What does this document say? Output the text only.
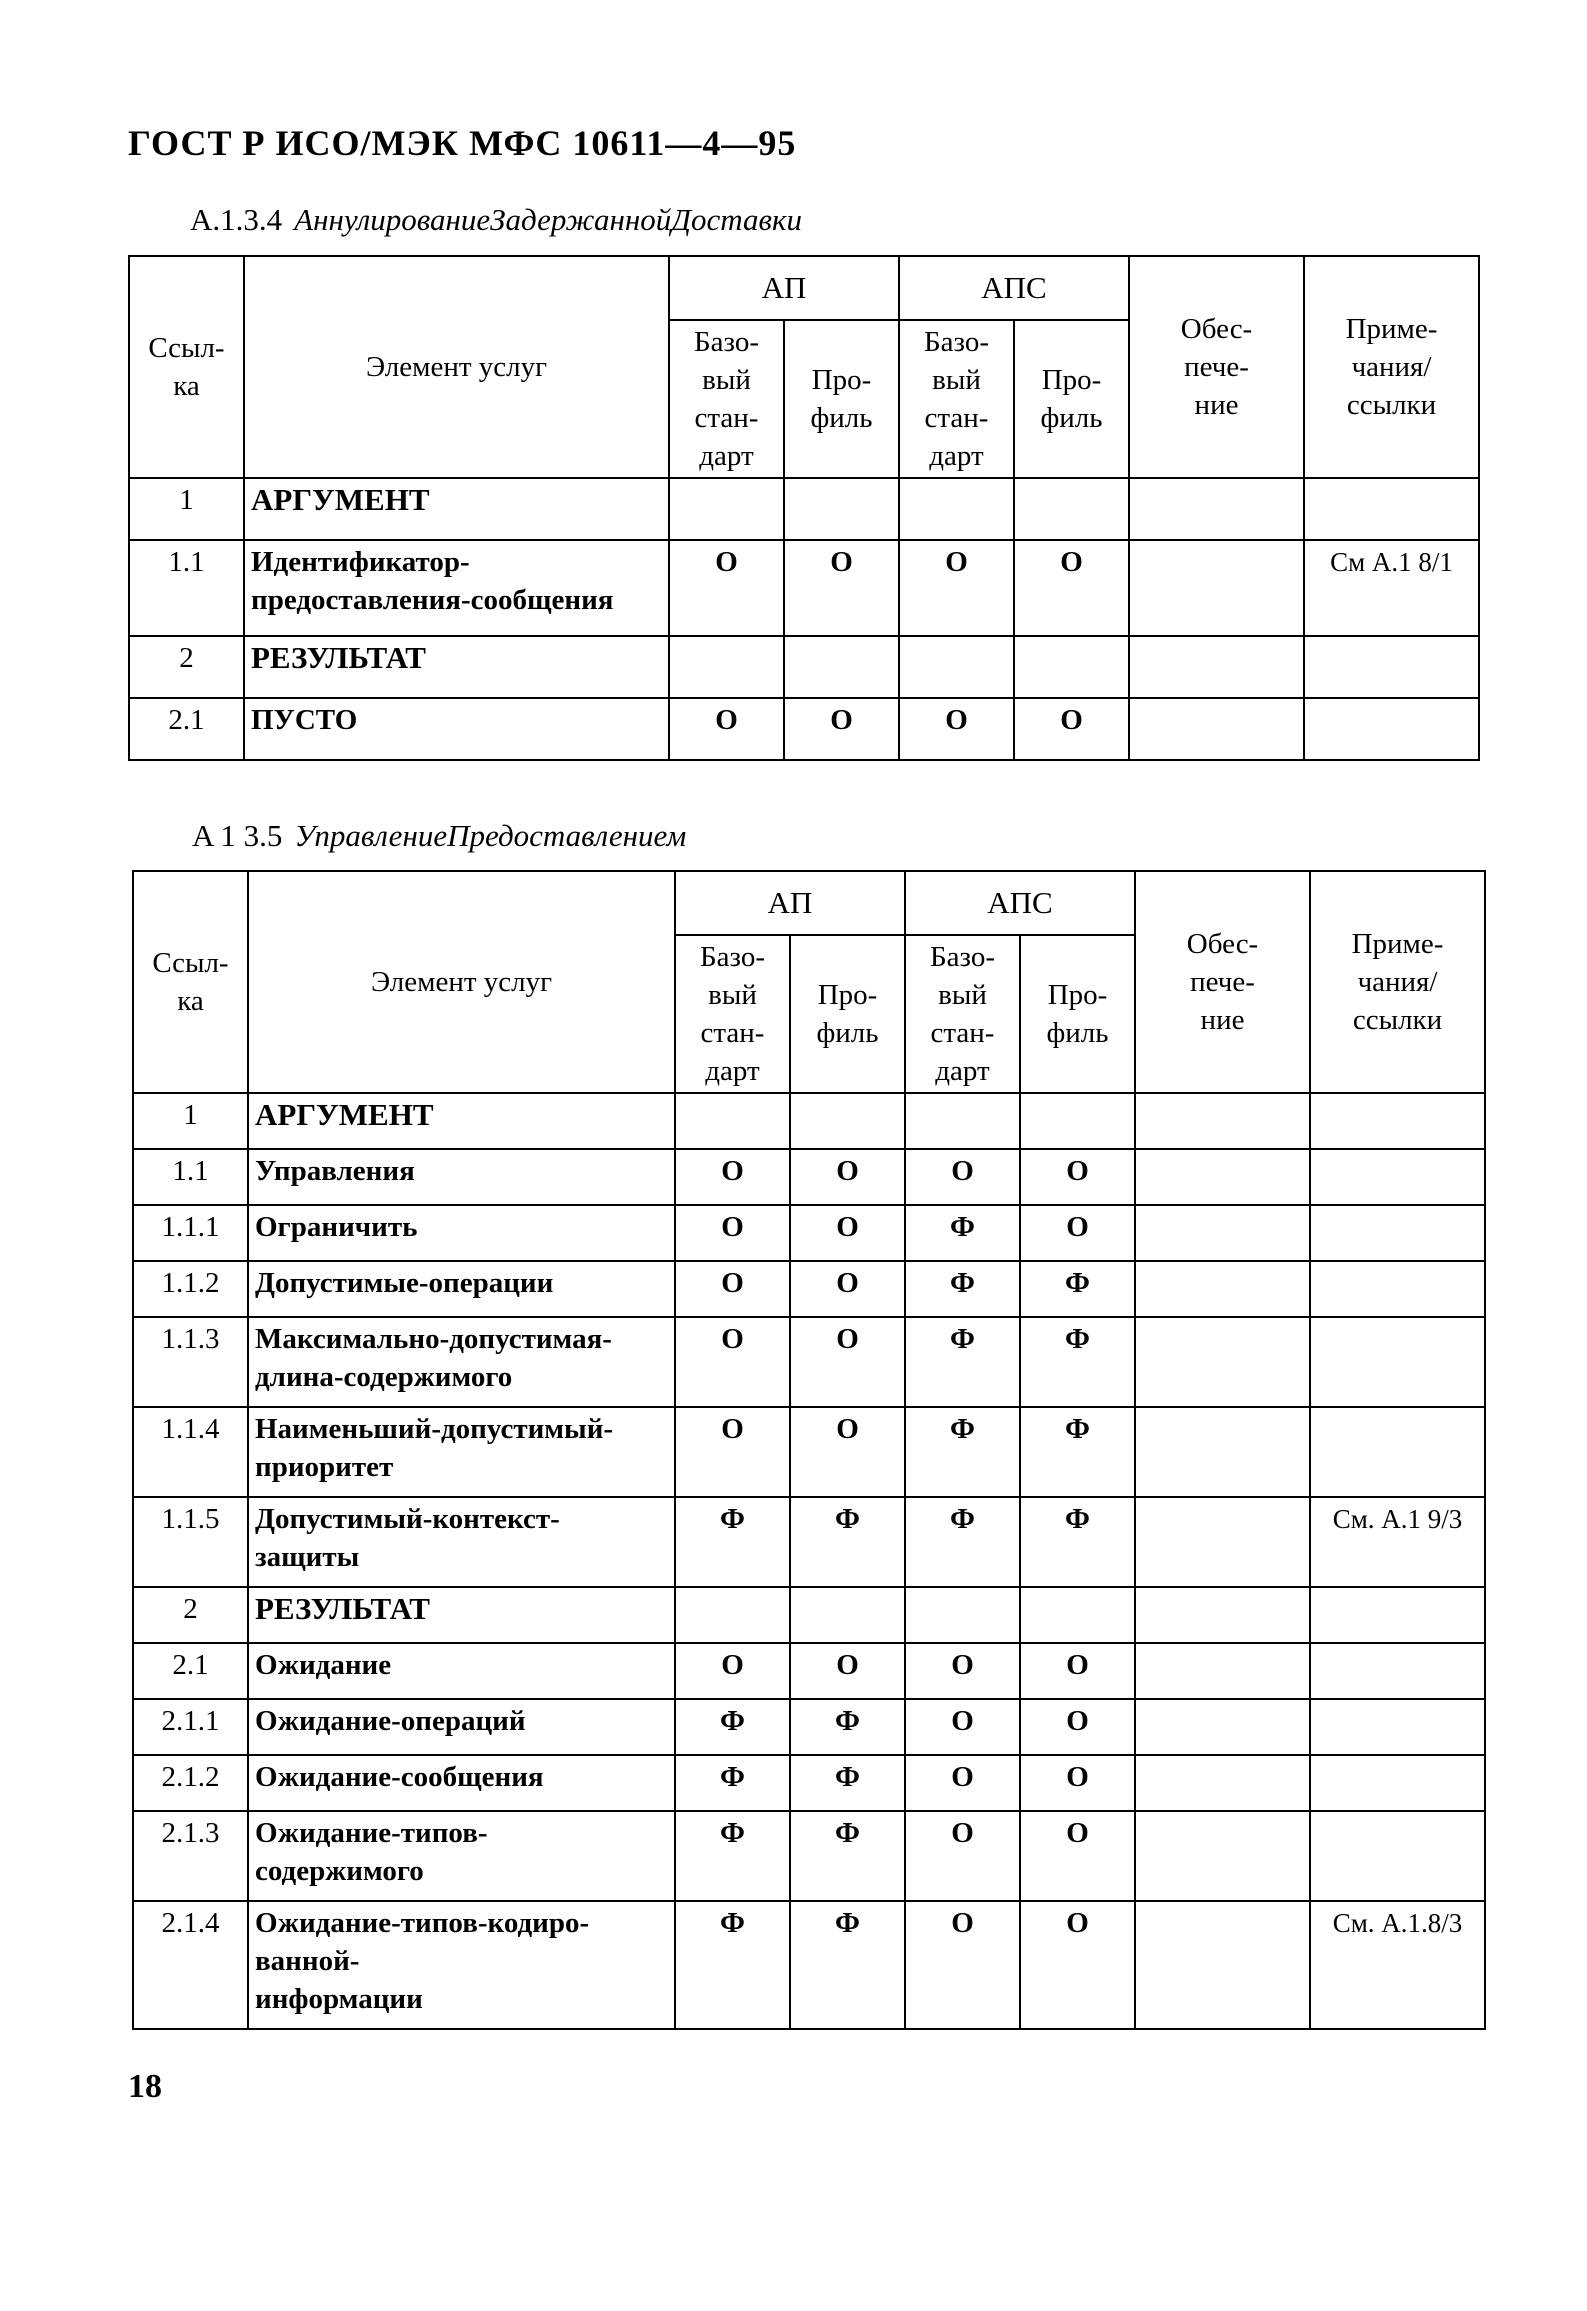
ГОСТ Р ИСО/МЭК МФС 10611—4—95
A.1.3.4 АннулированиеЗадержаннойДоставки
Ссыл-
ка	Элемент услуг	АП		АПС		Обес-
пече-
ние	Приме-
чания/
ссылки
		Базо-
вый
стан-
дарт	Про-
филь	Базо-
вый
стан-
дарт	Про-
филь		
1	АРГУМЕНТ						
1.1	Идентификатор-
предоставления-сообщения	О	О	О	О		См A.1 8/1
2	РЕЗУЛЬТАТ						
2.1	ПУСТО	О	О	О	О		
A 1 3.5 УправлениеПредоставлением
Ссыл-
ка	Элемент услуг	АП		АПС		Обес-
пече-
ние	Приме-
чания/
ссылки
		Базо-
вый
стан-
дарт	Про-
филь	Базо-
вый
стан-
дарт	Про-
филь		
1	АРГУМЕНТ						
1.1	Управления	О	О	О	О		
1.1.1	Ограничить	О	О	Ф	О		
1.1.2	Допустимые-операции	О	О	Ф	Ф		
1.1.3	Максимально-допустимая-
длина-содержимого	О	О	Ф	Ф		
1.1.4	Наименьший-допустимый-
приоритет	О	О	Ф	Ф		
1.1.5	Допустимый-контекст-
защиты	Ф	Ф	Ф	Ф		См. A.1 9/3
2	РЕЗУЛЬТАТ						
2.1	Ожидание	О	О	О	О		
2.1.1	Ожидание-операций	Ф	Ф	О	О		
2.1.2	Ожидание-сообщения	Ф	Ф	О	О		
2.1.3	Ожидание-типов-
содержимого	Ф	Ф	О	О		
2.1.4	Ожидание-типов-кодиро-
ванной-
информации	Ф	Ф	О	О		См. A.1.8/3
18
